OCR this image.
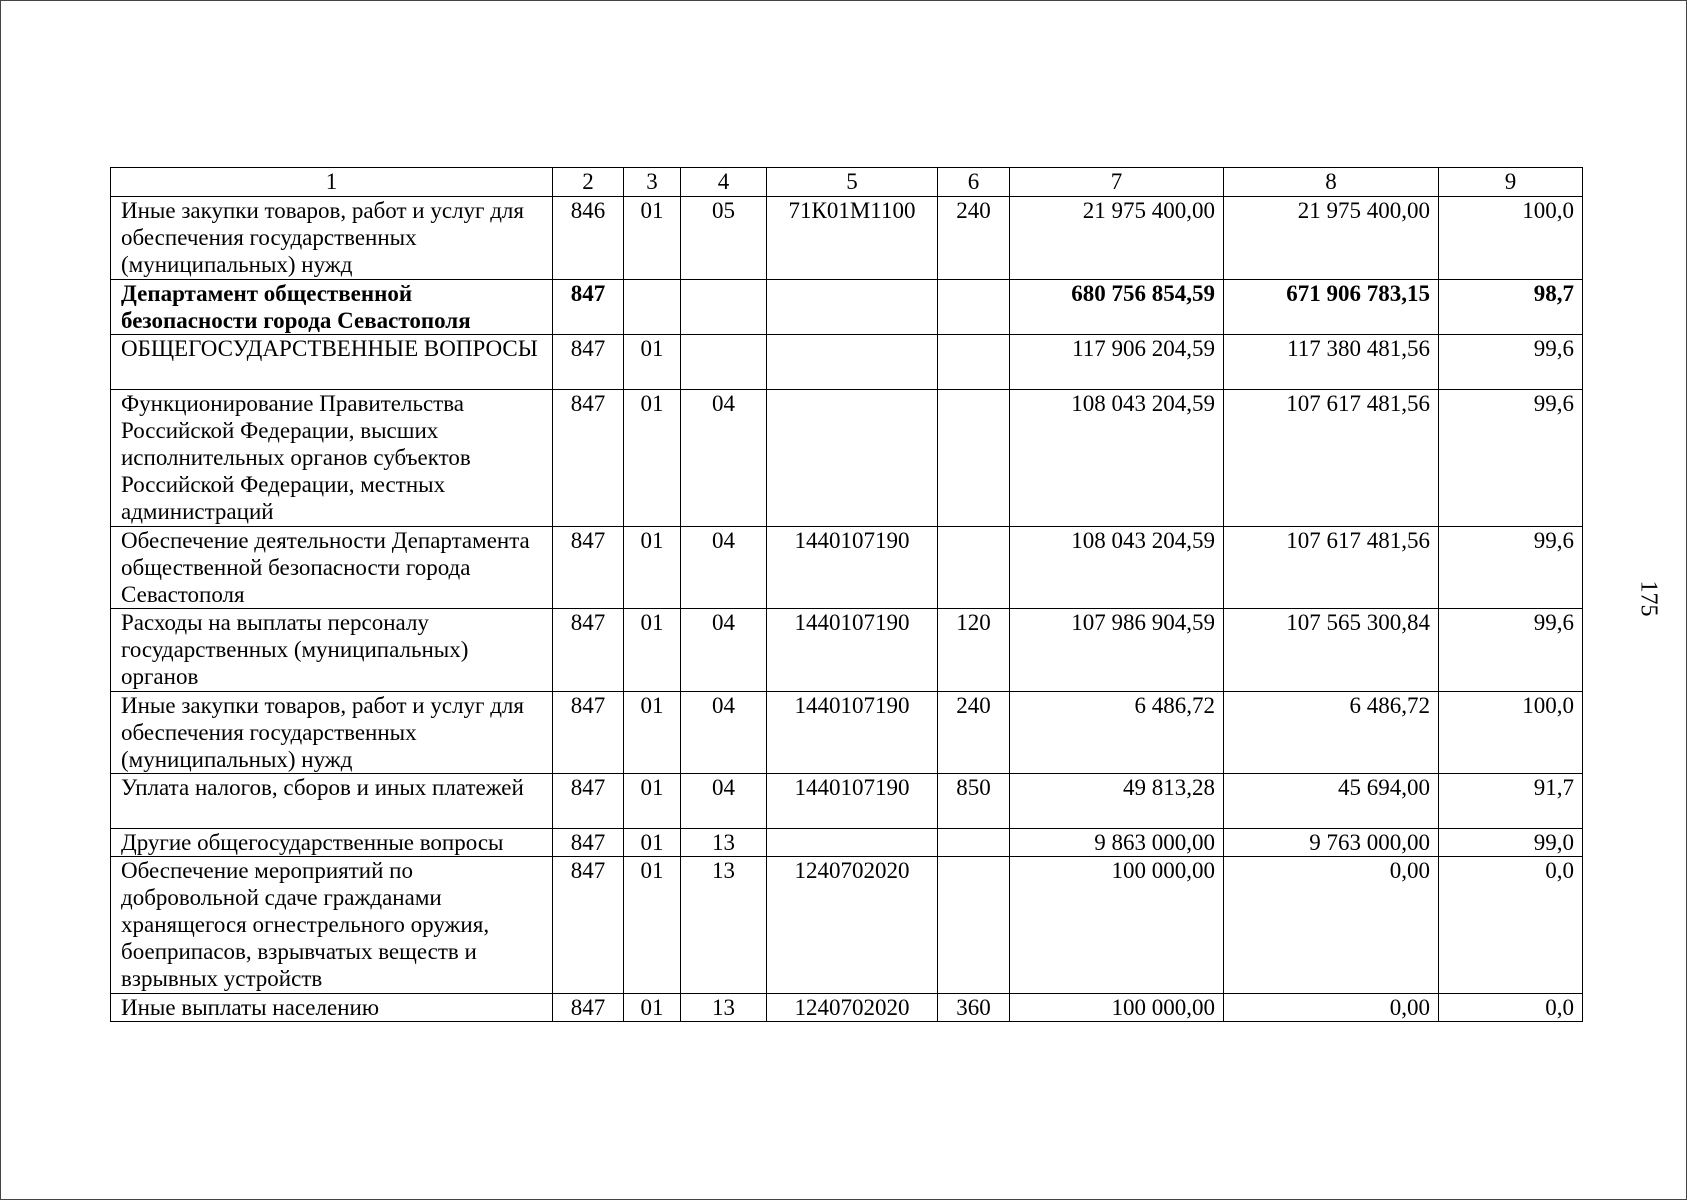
1	2	3	4	5	6	7	8	9
Иные закупки товаров, работ и услуг для обеспечения государственных (муниципальных) нужд	846	01	05	71К01М1100	240	21 975 400,00	21 975 400,00	100,0
Департамент общественной безопасности города Севастополя	847					680 756 854,59	671 906 783,15	98,7
ОБЩЕГОСУДАРСТВЕННЫЕ ВОПРОСЫ	847	01				117 906 204,59	117 380 481,56	99,6
Функционирование Правительства Российской Федерации, высших исполнительных органов субъектов Российской Федерации, местных администраций	847	01	04			108 043 204,59	107 617 481,56	99,6
Обеспечение деятельности Департамента общественной безопасности города Севастополя	847	01	04	1440107190		108 043 204,59	107 617 481,56	99,6
Расходы на выплаты персоналу государственных (муниципальных) органов	847	01	04	1440107190	120	107 986 904,59	107 565 300,84	99,6
Иные закупки товаров, работ и услуг для обеспечения государственных (муниципальных) нужд	847	01	04	1440107190	240	6 486,72	6 486,72	100,0
Уплата налогов, сборов и иных платежей	847	01	04	1440107190	850	49 813,28	45 694,00	91,7
Другие общегосударственные вопросы	847	01	13			9 863 000,00	9 763 000,00	99,0
Обеспечение мероприятий по добровольной сдаче гражданами хранящегося огнестрельного оружия, боеприпасов, взрывчатых веществ и взрывных устройств	847	01	13	1240702020		100 000,00	0,00	0,0
Иные выплаты населению	847	01	13	1240702020	360	100 000,00	0,00	0,0
175
